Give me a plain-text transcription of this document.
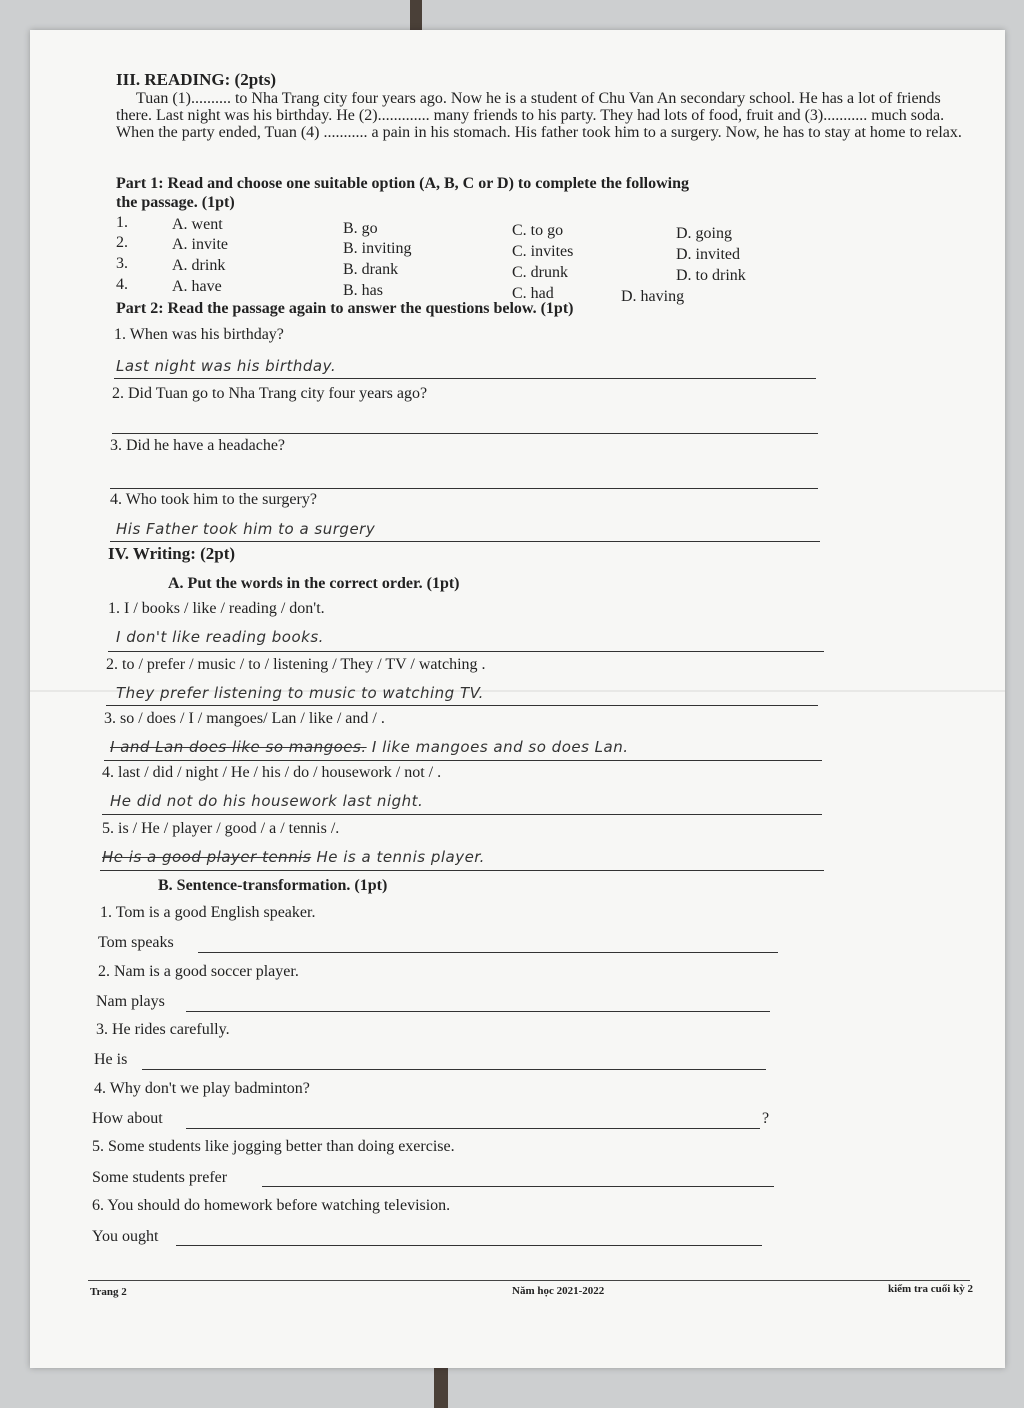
III. READING: (2pts)
Tuan (1).......... to Nha Trang city four years ago. Now he is a student of Chu Van An secondary school. He has a lot of friends there. Last night was his birthday. He (2)............. many friends to his party. They had lots of food, fruit and (3)........... much soda. When the party ended, Tuan (4) ........... a pain in his stomach. His father took him to a surgery. Now, he has to stay at home to relax.
Part 1: Read and choose one suitable option (A, B, C or D) to complete the following
the passage. (1pt)
1.	A. went	B. go	C. to go	D. going
2.	A. invite	B. inviting	C. invites	D. invited
3.	A. drink	B. drank	C. drunk	D. to drink
4.	A. have	B. has	C. had	D. having
Part 2: Read the passage again to answer the questions below. (1pt)
1. When was his birthday?
Last night was his birthday.
2. Did Tuan go to Nha Trang city four years ago?
3. Did he have a headache?
4. Who took him to the surgery?
His Father took him to a surgery
IV. Writing: (2pt)
A. Put the words in the correct order. (1pt)
1. I / books / like / reading / don't.
I don't like reading books.
2. to / prefer / music / to / listening / They / TV / watching .
They prefer listening to music to watching TV.
3. so / does / I / mangoes/ Lan / like / and / .
I and Lan does like so mangoes. I like mangoes and so does Lan.
4. last / did / night / He / his / do / housework / not / .
He did not do his housework last night.
5. is / He / player / good / a / tennis /.
He is a good player tennis He is a tennis player.
B. Sentence-transformation. (1pt)
1. Tom is a good English speaker.
Tom speaks
2. Nam is a good soccer player.
Nam plays
3. He rides carefully.
He is
4. Why don't we play badminton?
How about	?
5. Some students like jogging better than doing exercise.
Some students prefer
6. You should do homework before watching television.
You ought
Trang 2	Năm học 2021-2022	kiểm tra cuối kỳ 2
